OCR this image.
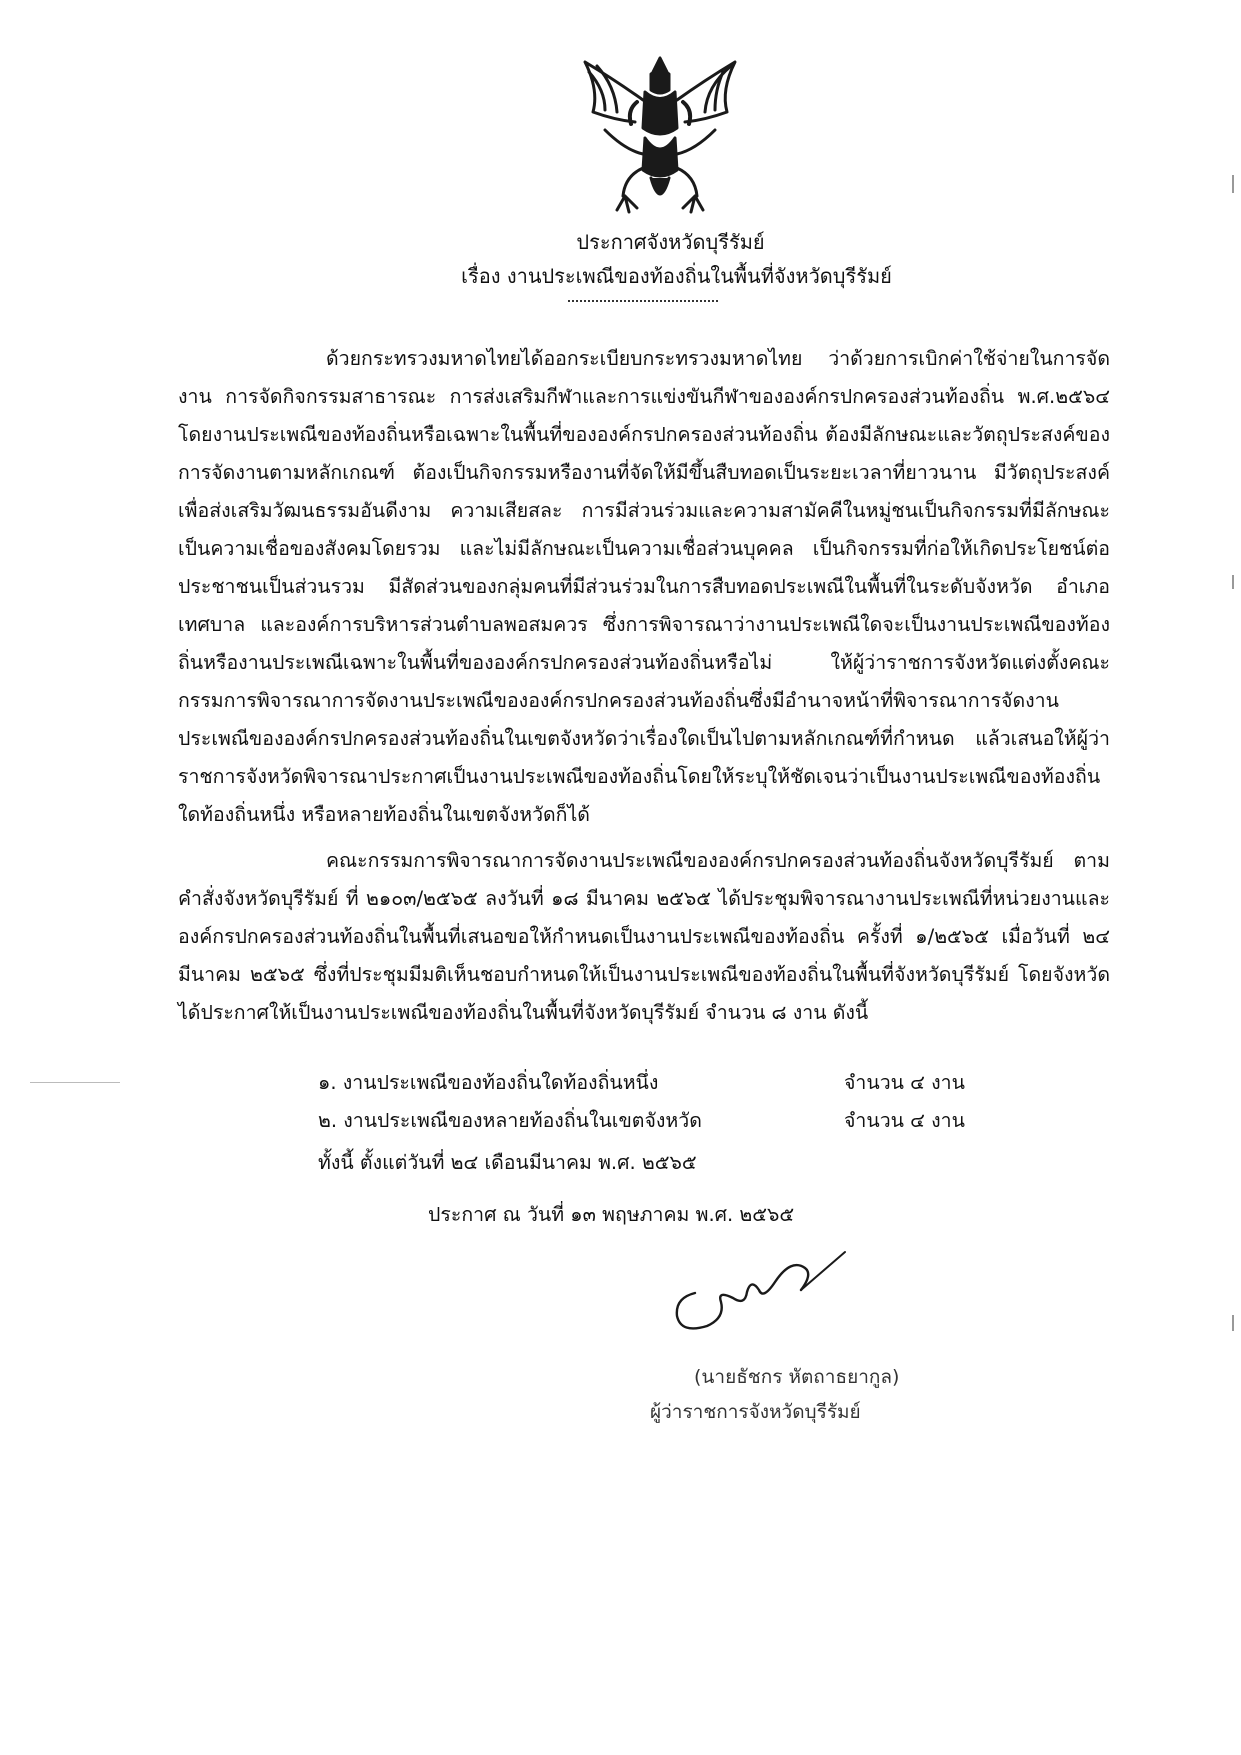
ประกาศจังหวัดบุรีรัมย์
เรื่อง งานประเพณีของท้องถิ่นในพื้นที่จังหวัดบุรีรัมย์
ด้วยกระทรวงมหาดไทยได้ออกระเบียบกระทรวงมหาดไทย ว่าด้วยการเบิกค่าใช้จ่ายในการจัดงาน การจัดกิจกรรมสาธารณะ การส่งเสริมกีฬาและการแข่งขันกีฬาขององค์กรปกครองส่วนท้องถิ่น พ.ศ.๒๕๖๔ โดยงานประเพณีของท้องถิ่นหรือเฉพาะในพื้นที่ขององค์กรปกครองส่วนท้องถิ่น ต้องมีลักษณะและวัตถุประสงค์ของการจัดงานตามหลักเกณฑ์ ต้องเป็นกิจกรรมหรืองานที่จัดให้มีขึ้นสืบทอดเป็นระยะเวลาที่ยาวนาน มีวัตถุประสงค์เพื่อส่งเสริมวัฒนธรรมอันดีงาม ความเสียสละ การมีส่วนร่วมและความสามัคคีในหมู่ชนเป็นกิจกรรมที่มีลักษณะเป็นความเชื่อของสังคมโดยรวม และไม่มีลักษณะเป็นความเชื่อส่วนบุคคล เป็นกิจกรรมที่ก่อให้เกิดประโยชน์ต่อประชาชนเป็นส่วนรวม มีสัดส่วนของกลุ่มคนที่มีส่วนร่วมในการสืบทอดประเพณีในพื้นที่ในระดับจังหวัด อำเภอ เทศบาล และองค์การบริหารส่วนตำบลพอสมควร ซึ่งการพิจารณาว่างานประเพณีใดจะเป็นงานประเพณีของท้องถิ่นหรืองานประเพณีเฉพาะในพื้นที่ขององค์กรปกครองส่วนท้องถิ่นหรือไม่ ให้ผู้ว่าราชการจังหวัดแต่งตั้งคณะกรรมการพิจารณาการจัดงานประเพณีขององค์กรปกครองส่วนท้องถิ่นซึ่งมีอำนาจหน้าที่พิจารณาการจัดงานประเพณีขององค์กรปกครองส่วนท้องถิ่นในเขตจังหวัดว่าเรื่องใดเป็นไปตามหลักเกณฑ์ที่กำหนด แล้วเสนอให้ผู้ว่าราชการจังหวัดพิจารณาประกาศเป็นงานประเพณีของท้องถิ่นโดยให้ระบุให้ชัดเจนว่าเป็นงานประเพณีของท้องถิ่นใดท้องถิ่นหนึ่ง หรือหลายท้องถิ่นในเขตจังหวัดก็ได้
คณะกรรมการพิจารณาการจัดงานประเพณีขององค์กรปกครองส่วนท้องถิ่นจังหวัดบุรีรัมย์ ตามคำสั่งจังหวัดบุรีรัมย์ ที่ ๒๑๐๓/๒๕๖๕ ลงวันที่ ๑๘ มีนาคม ๒๕๖๕ ได้ประชุมพิจารณางานประเพณีที่หน่วยงานและองค์กรปกครองส่วนท้องถิ่นในพื้นที่เสนอขอให้กำหนดเป็นงานประเพณีของท้องถิ่น ครั้งที่ ๑/๒๕๖๕ เมื่อวันที่ ๒๔ มีนาคม ๒๕๖๕ ซึ่งที่ประชุมมีมติเห็นชอบกำหนดให้เป็นงานประเพณีของท้องถิ่นในพื้นที่จังหวัดบุรีรัมย์ โดยจังหวัดได้ประกาศให้เป็นงานประเพณีของท้องถิ่นในพื้นที่จังหวัดบุรีรัมย์ จำนวน ๘ งาน ดังนี้
๑. งานประเพณีของท้องถิ่นใดท้องถิ่นหนึ่ง	จำนวน ๔ งาน
๒. งานประเพณีของหลายท้องถิ่นในเขตจังหวัด	จำนวน ๔ งาน
ทั้งนี้ ตั้งแต่วันที่ ๒๔ เดือนมีนาคม พ.ศ. ๒๕๖๕
ประกาศ ณ วันที่ ๑๓ พฤษภาคม พ.ศ. ๒๕๖๕
(นายธัชกร หัตถาธยากูล)
ผู้ว่าราชการจังหวัดบุรีรัมย์
